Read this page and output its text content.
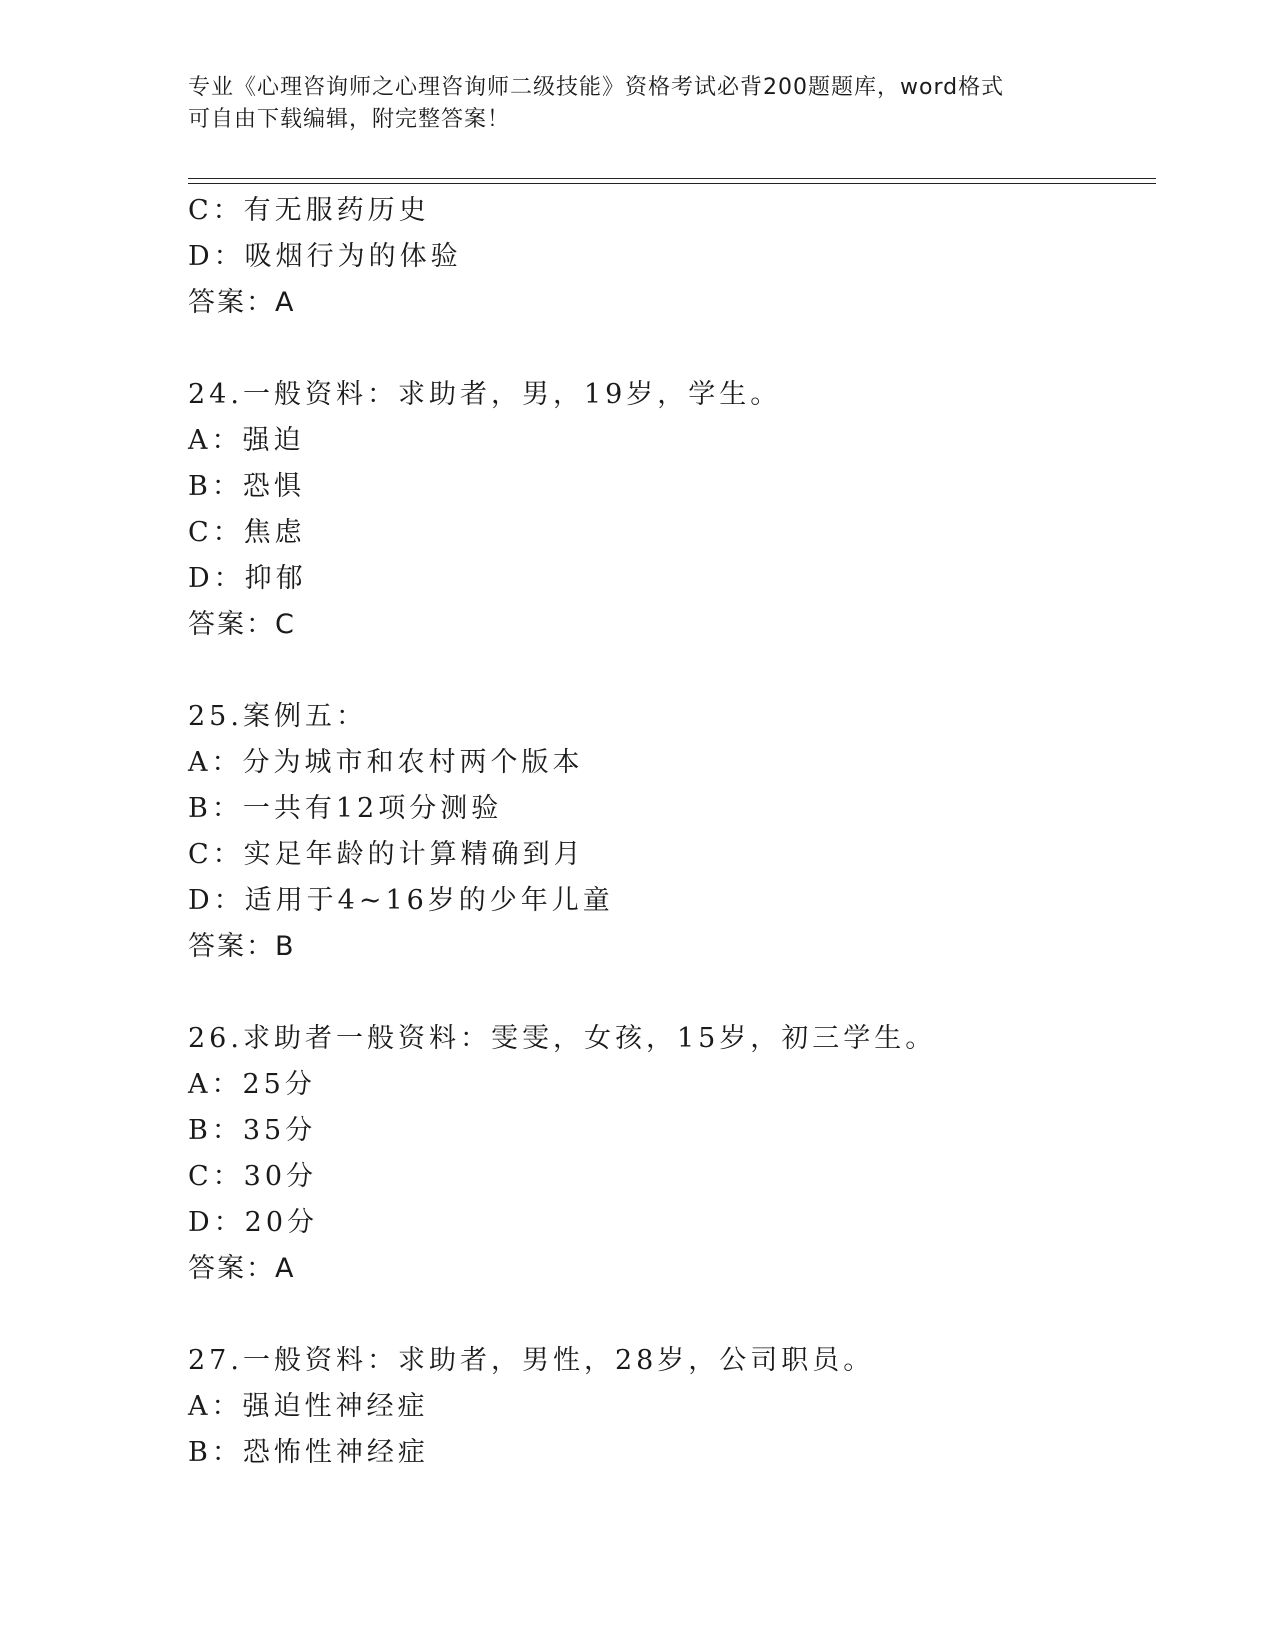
专业《心理咨询师之心理咨询师二级技能》资格考试必背200题题库，word格式
可自由下载编辑，附完整答案！
C：有无服药历史
D：吸烟行为的体验
答案：A
24.一般资料：求助者，男，19岁，学生。
A：强迫
B：恐惧
C：焦虑
D：抑郁
答案：C
25.案例五：
A：分为城市和农村两个版本
B：一共有12项分测验
C：实足年龄的计算精确到月
D：适用于4~16岁的少年儿童
答案：B
26.求助者一般资料：雯雯，女孩，15岁，初三学生。
A：25分
B：35分
C：30分
D：20分
答案：A
27.一般资料：求助者，男性，28岁，公司职员。
A：强迫性神经症
B：恐怖性神经症
